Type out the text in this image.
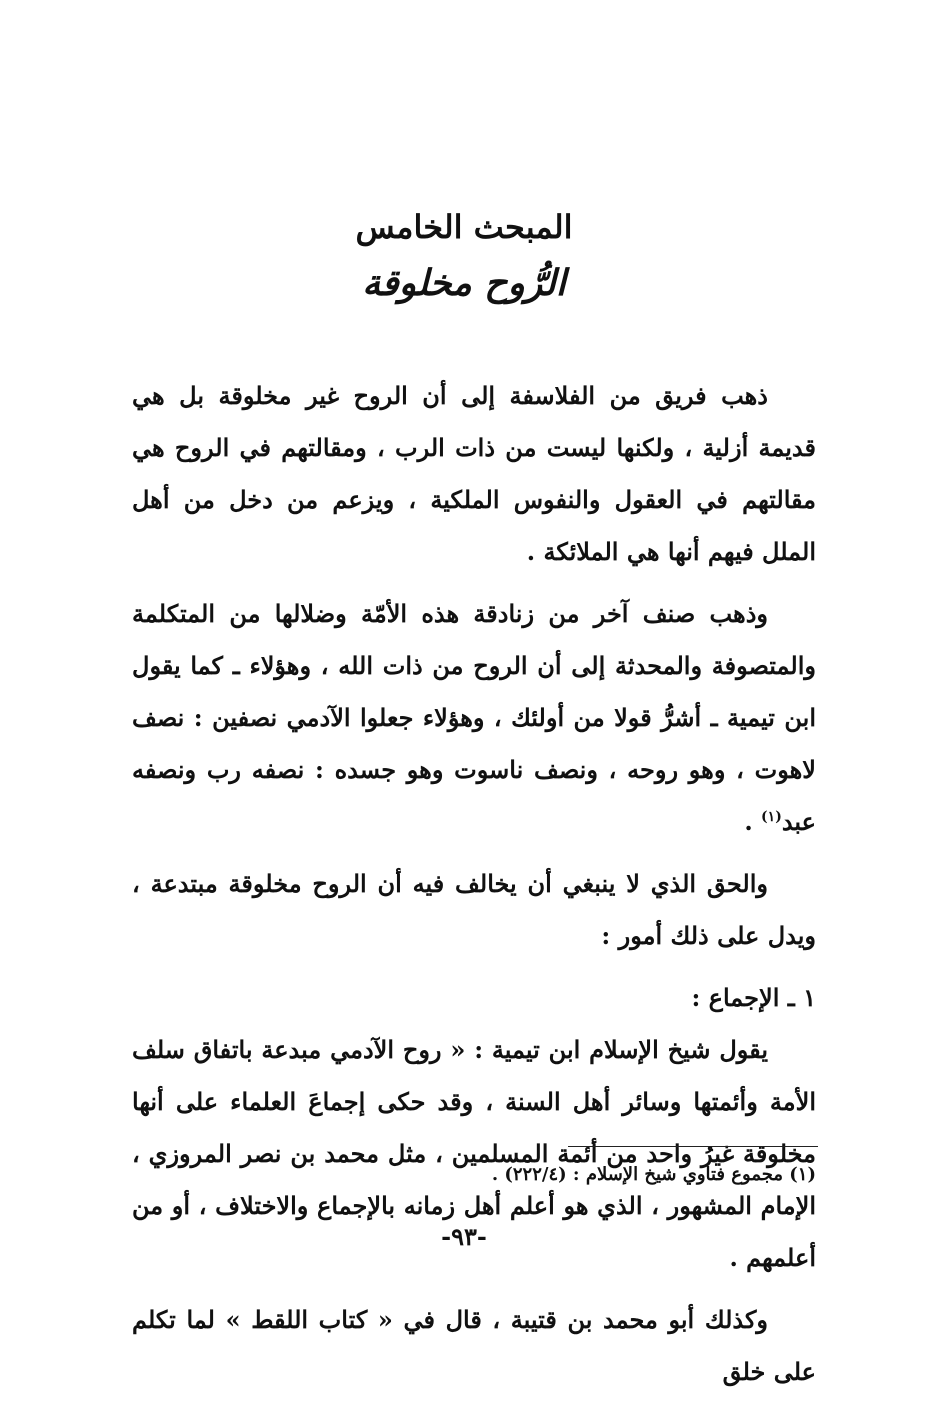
المبحث الخامس
الرُّوح مخلوقة

ذهب فريق من الفلاسفة إلى أن الروح غير مخلوقة بل هي قديمة أزلية ، ولكنها ليست من ذات الرب ، ومقالتهم في الروح هي مقالتهم في العقول والنفوس الملكية ، ويزعم من دخل من أهل الملل فيهم أنها هي الملائكة .

وذهب صنف آخر من زنادقة هذه الأمّة وضلالها من المتكلمة والمتصوفة والمحدثة إلى أن الروح من ذات الله ، وهؤلاء ـ كما يقول ابن تيمية ـ أشرُّ قولا من أولئك ، وهؤلاء جعلوا الآدمي نصفين : نصف لاهوت ، وهو روحه ، ونصف ناسوت وهو جسده : نصفه رب ونصفه عبد$^{(١)}$ .

والحق الذي لا ينبغي أن يخالف فيه أن الروح مخلوقة مبتدعة ، ويدل على ذلك أمور :

١ ـ الإجماع :

يقول شيخ الإسلام ابن تيمية : « روح الآدمي مبدعة باتفاق سلف الأمة وأئمتها وسائر أهل السنة ، وقد حكى إجماعَ العلماء على أنها مخلوقة غيرُ واحد من أئمة المسلمين ، مثل محمد بن نصر المروزي ، الإمام المشهور ، الذي هو أعلم أهل زمانه بالإجماع والاختلاف ، أو من أعلمهم .

وكذلك أبو محمد بن قتيبة ، قال في « كتاب اللقط » لما تكلم على خلق

(١) مجموع فتاوي شيخ الإسلام : (٢٢٢/٤) .
-٩٣-
